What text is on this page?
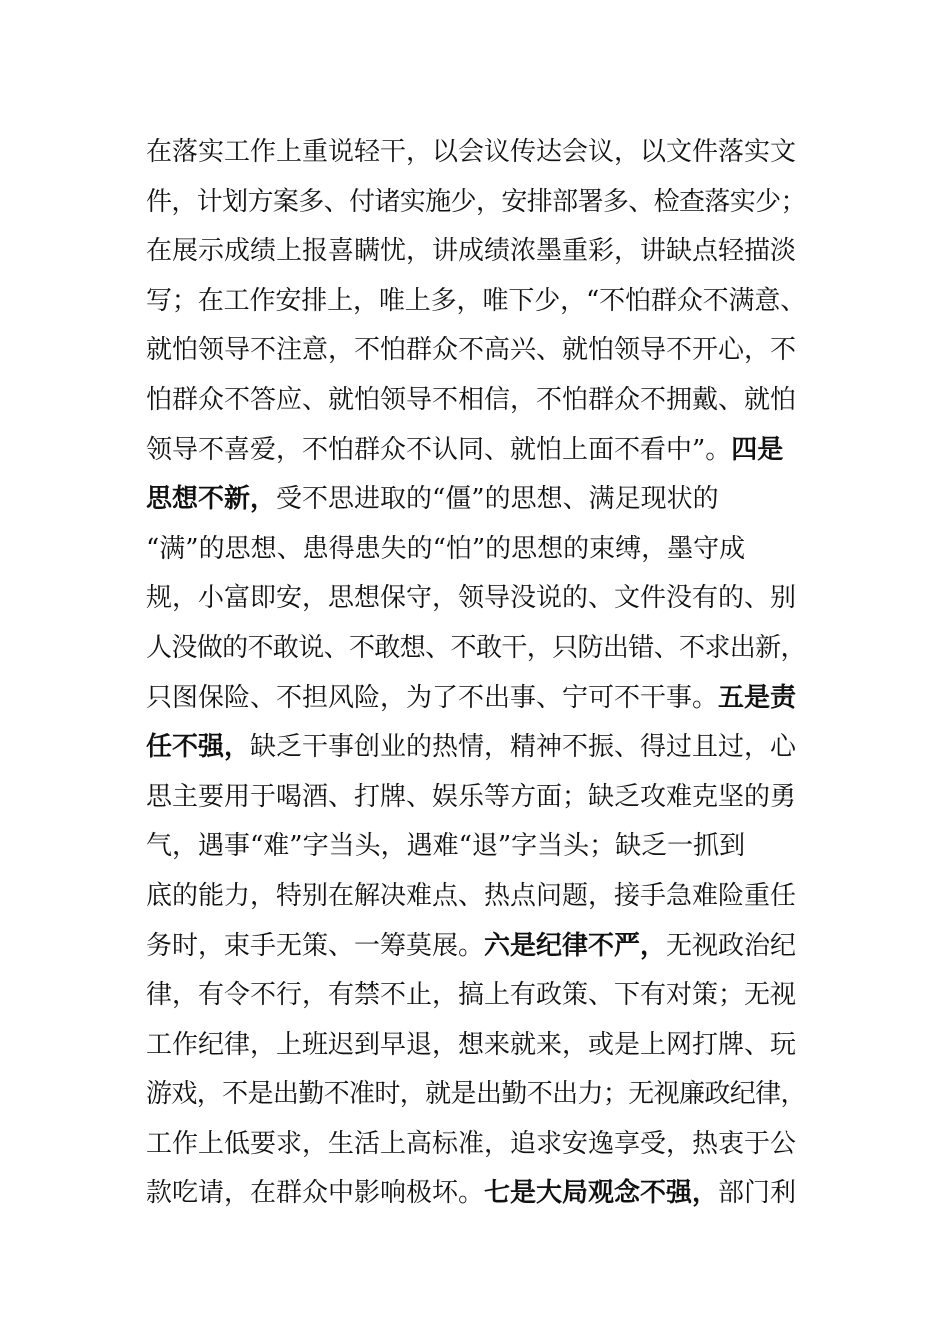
在落实工作上重说轻干，以会议传达会议，以文件落实文
件，计划方案多、付诸实施少，安排部署多、检查落实少；
在展示成绩上报喜瞒忧，讲成绩浓墨重彩，讲缺点轻描淡
写；在工作安排上，唯上多，唯下少，“不怕群众不满意、
就怕领导不注意，不怕群众不高兴、就怕领导不开心，不
怕群众不答应、就怕领导不相信，不怕群众不拥戴、就怕
领导不喜爱，不怕群众不认同、就怕上面不看中”。四是
思想不新，受不思进取的“僵”的思想、满足现状的
“满”的思想、患得患失的“怕”的思想的束缚，墨守成
规，小富即安，思想保守，领导没说的、文件没有的、别
人没做的不敢说、不敢想、不敢干，只防出错、不求出新，
只图保险、不担风险，为了不出事、宁可不干事。五是责
任不强，缺乏干事创业的热情，精神不振、得过且过，心
思主要用于喝酒、打牌、娱乐等方面；缺乏攻难克坚的勇
气，遇事“难”字当头，遇难“退”字当头；缺乏一抓到
底的能力，特别在解决难点、热点问题，接手急难险重任
务时，束手无策、一筹莫展。六是纪律不严，无视政治纪
律，有令不行，有禁不止，搞上有政策、下有对策；无视
工作纪律，上班迟到早退，想来就来，或是上网打牌、玩
游戏，不是出勤不准时，就是出勤不出力；无视廉政纪律，
工作上低要求，生活上高标准，追求安逸享受，热衷于公
款吃请，在群众中影响极坏。七是大局观念不强，部门利
